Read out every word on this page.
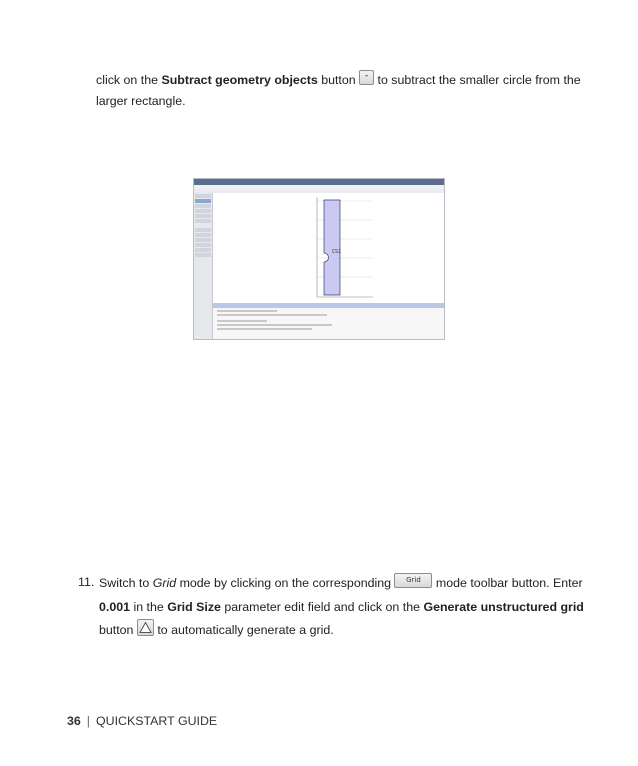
click on the Subtract geometry objects button - to subtract the smaller circle from the larger rectangle.
CS1
11. Switch to Grid mode by clicking on the corresponding Grid mode toolbar button. Enter 0.001 in the Grid Size parameter edit field and click on the Generate unstructured grid button
to automatically generate a grid.
36 | QUICKSTART GUIDE
